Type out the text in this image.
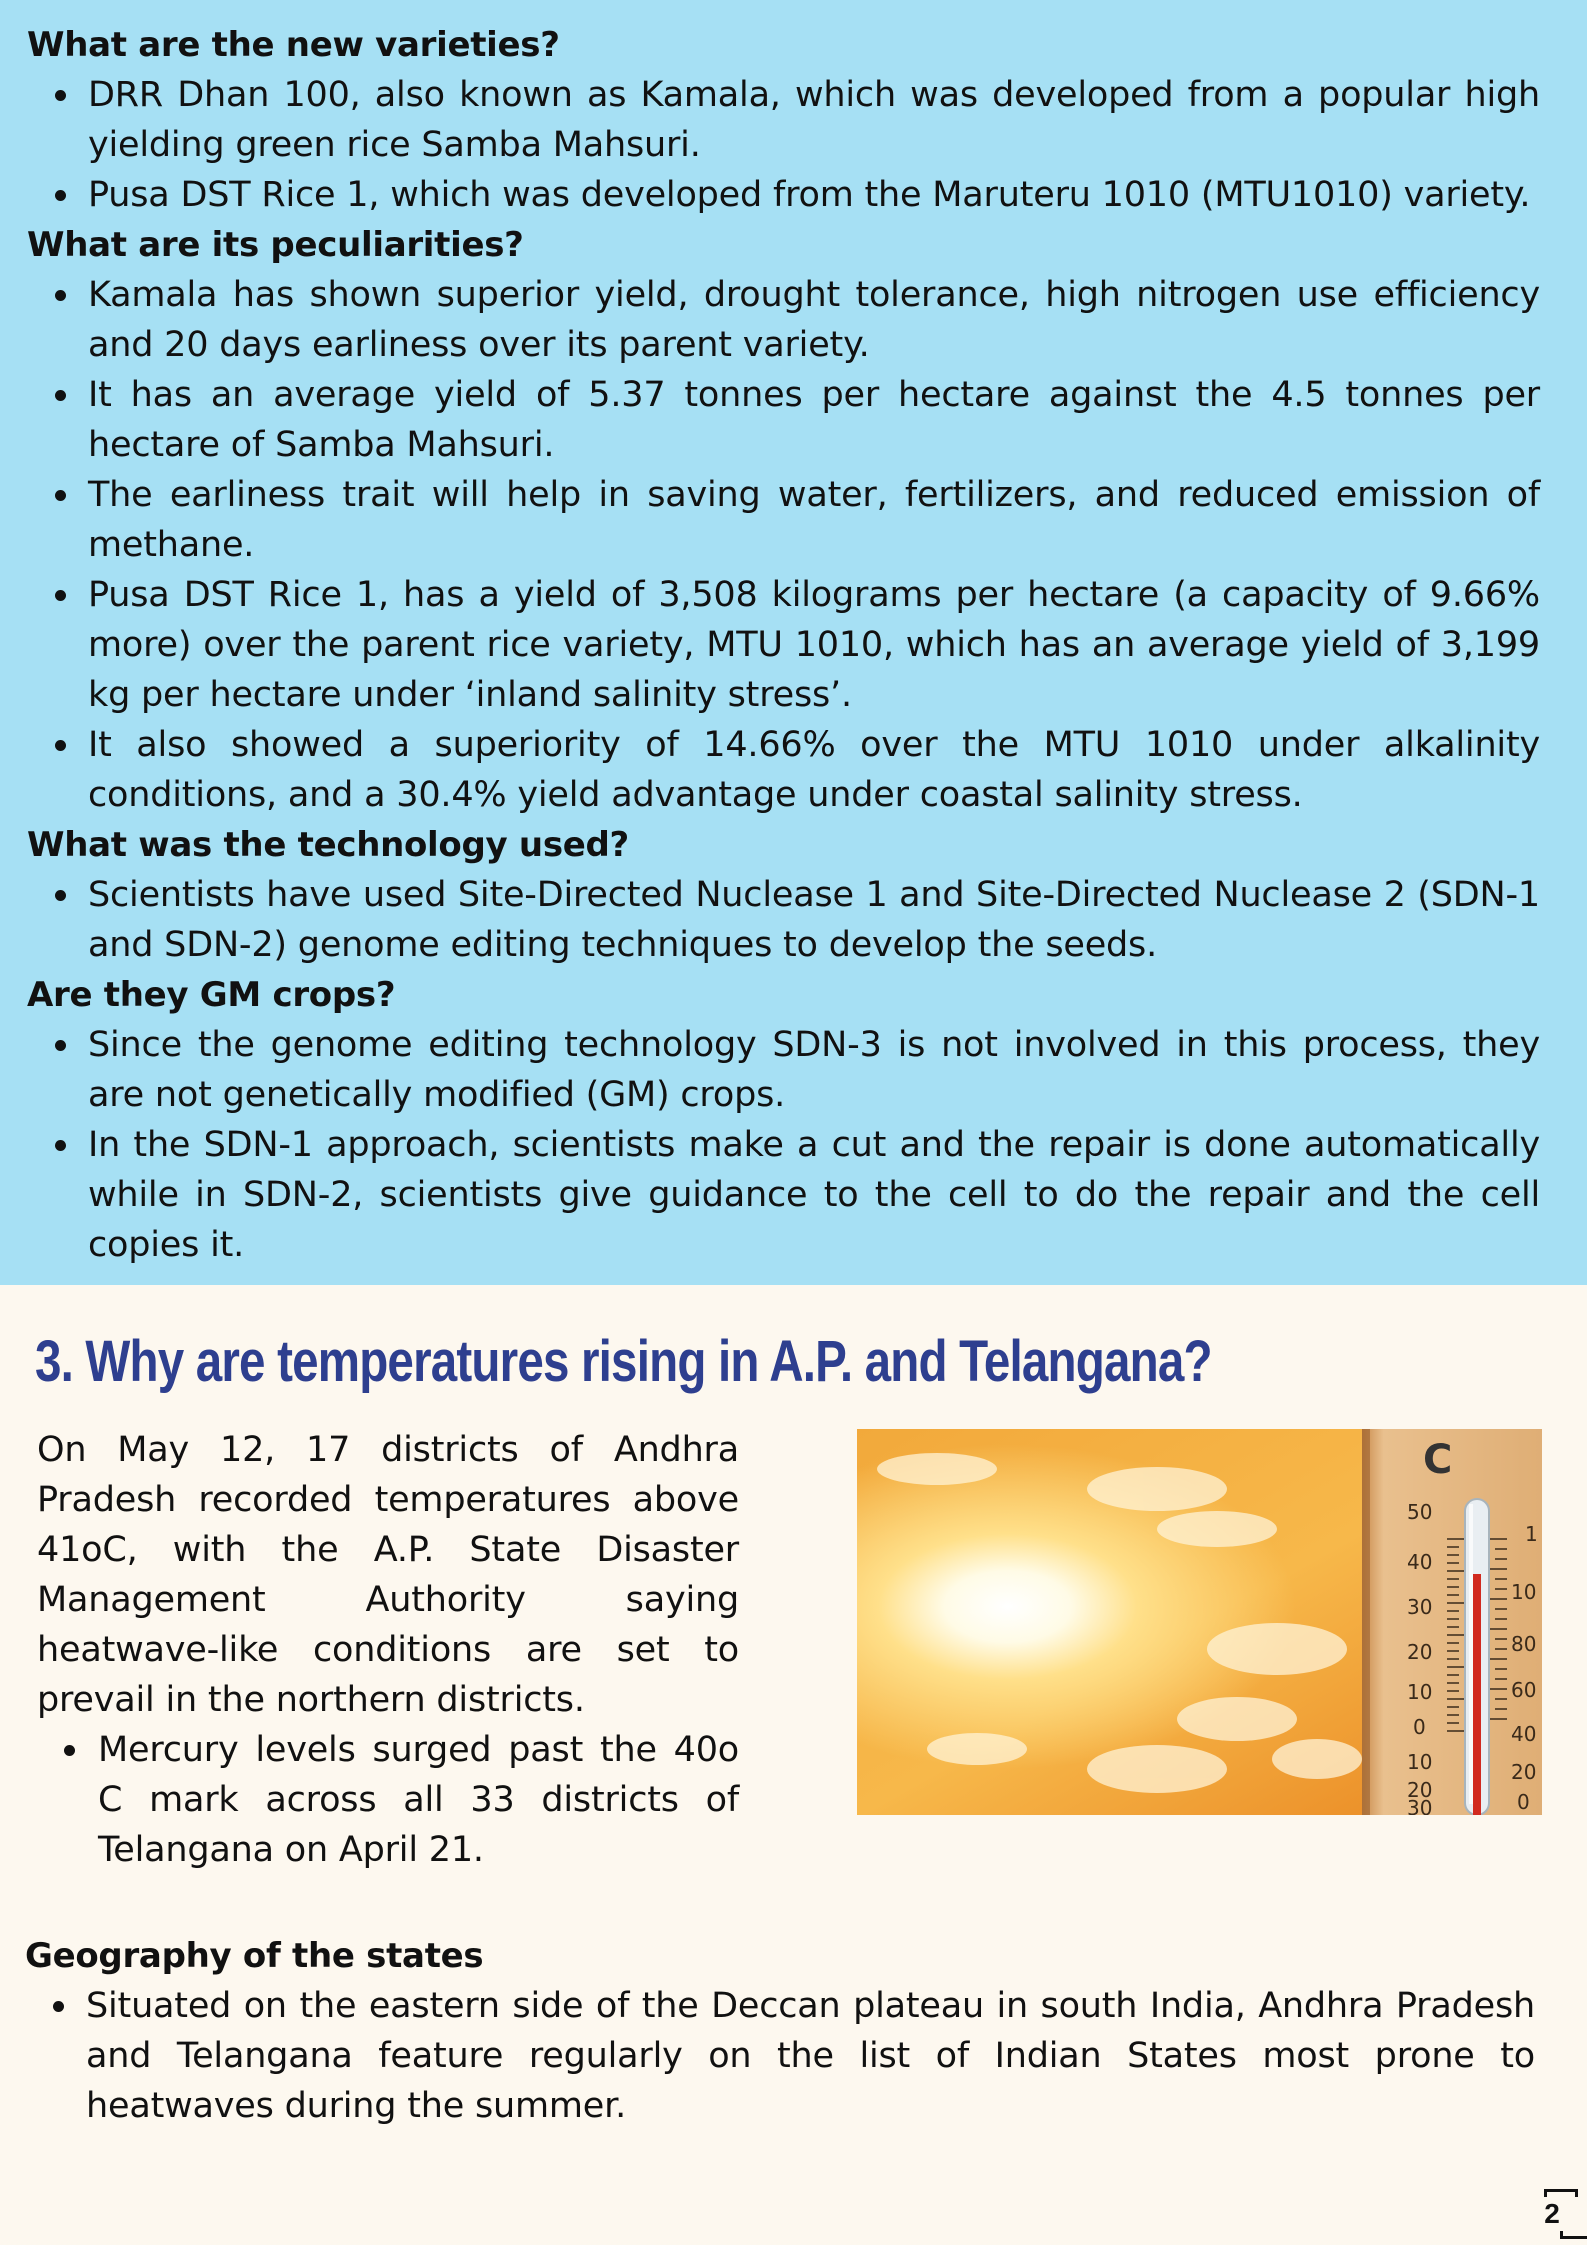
What are the new varieties?
DRR Dhan 100, also known as Kamala, which was developed from a popular high yielding green rice Samba Mahsuri.
Pusa DST Rice 1, which was developed from the Maruteru 1010 (MTU1010) variety.
What are its peculiarities?
Kamala has shown superior yield, drought tolerance, high nitrogen use efficiency and 20 days earliness over its parent variety.
It has an average yield of 5.37 tonnes per hectare against the 4.5 tonnes per hectare of Samba Mahsuri.
The earliness trait will help in saving water, fertilizers, and reduced emission of methane.
Pusa DST Rice 1, has a yield of 3,508 kilograms per hectare (a capacity of 9.66% more) over the parent rice variety, MTU 1010, which has an average yield of 3,199 kg per hectare under ‘inland salinity stress’.
It also showed a superiority of 14.66% over the MTU 1010 under alkalinity conditions, and a 30.4% yield advantage under coastal salinity stress.
What was the technology used?
Scientists have used Site-Directed Nuclease 1 and Site-Directed Nuclease 2 (SDN-1 and SDN-2) genome editing techniques to develop the seeds.
Are they GM crops?
Since the genome editing technology SDN-3 is not involved in this process, they are not genetically modified (GM) crops.
In the SDN-1 approach, scientists make a cut and the repair is done automatically while in SDN-2, scientists give guidance to the cell to do the repair and the cell copies it.
3. Why are temperatures rising in A.P. and Telangana?

On May 12, 17 districts of Andhra Pradesh recorded temperatures above 41oC, with the A.P. State Disaster Management Authority saying heatwave-like conditions are set to prevail in the northern districts.

Mercury levels surged past the 40o C mark across all 33 districts of Telangana on April 21.
C
50
40
30
20
10
0
10
20
30
1
10
80
60
40
20
0
Geography of the states
Situated on the eastern side of the Deccan plateau in south India, Andhra Pradesh and Telangana feature regularly on the list of Indian States most prone to heatwaves during the summer.
2
